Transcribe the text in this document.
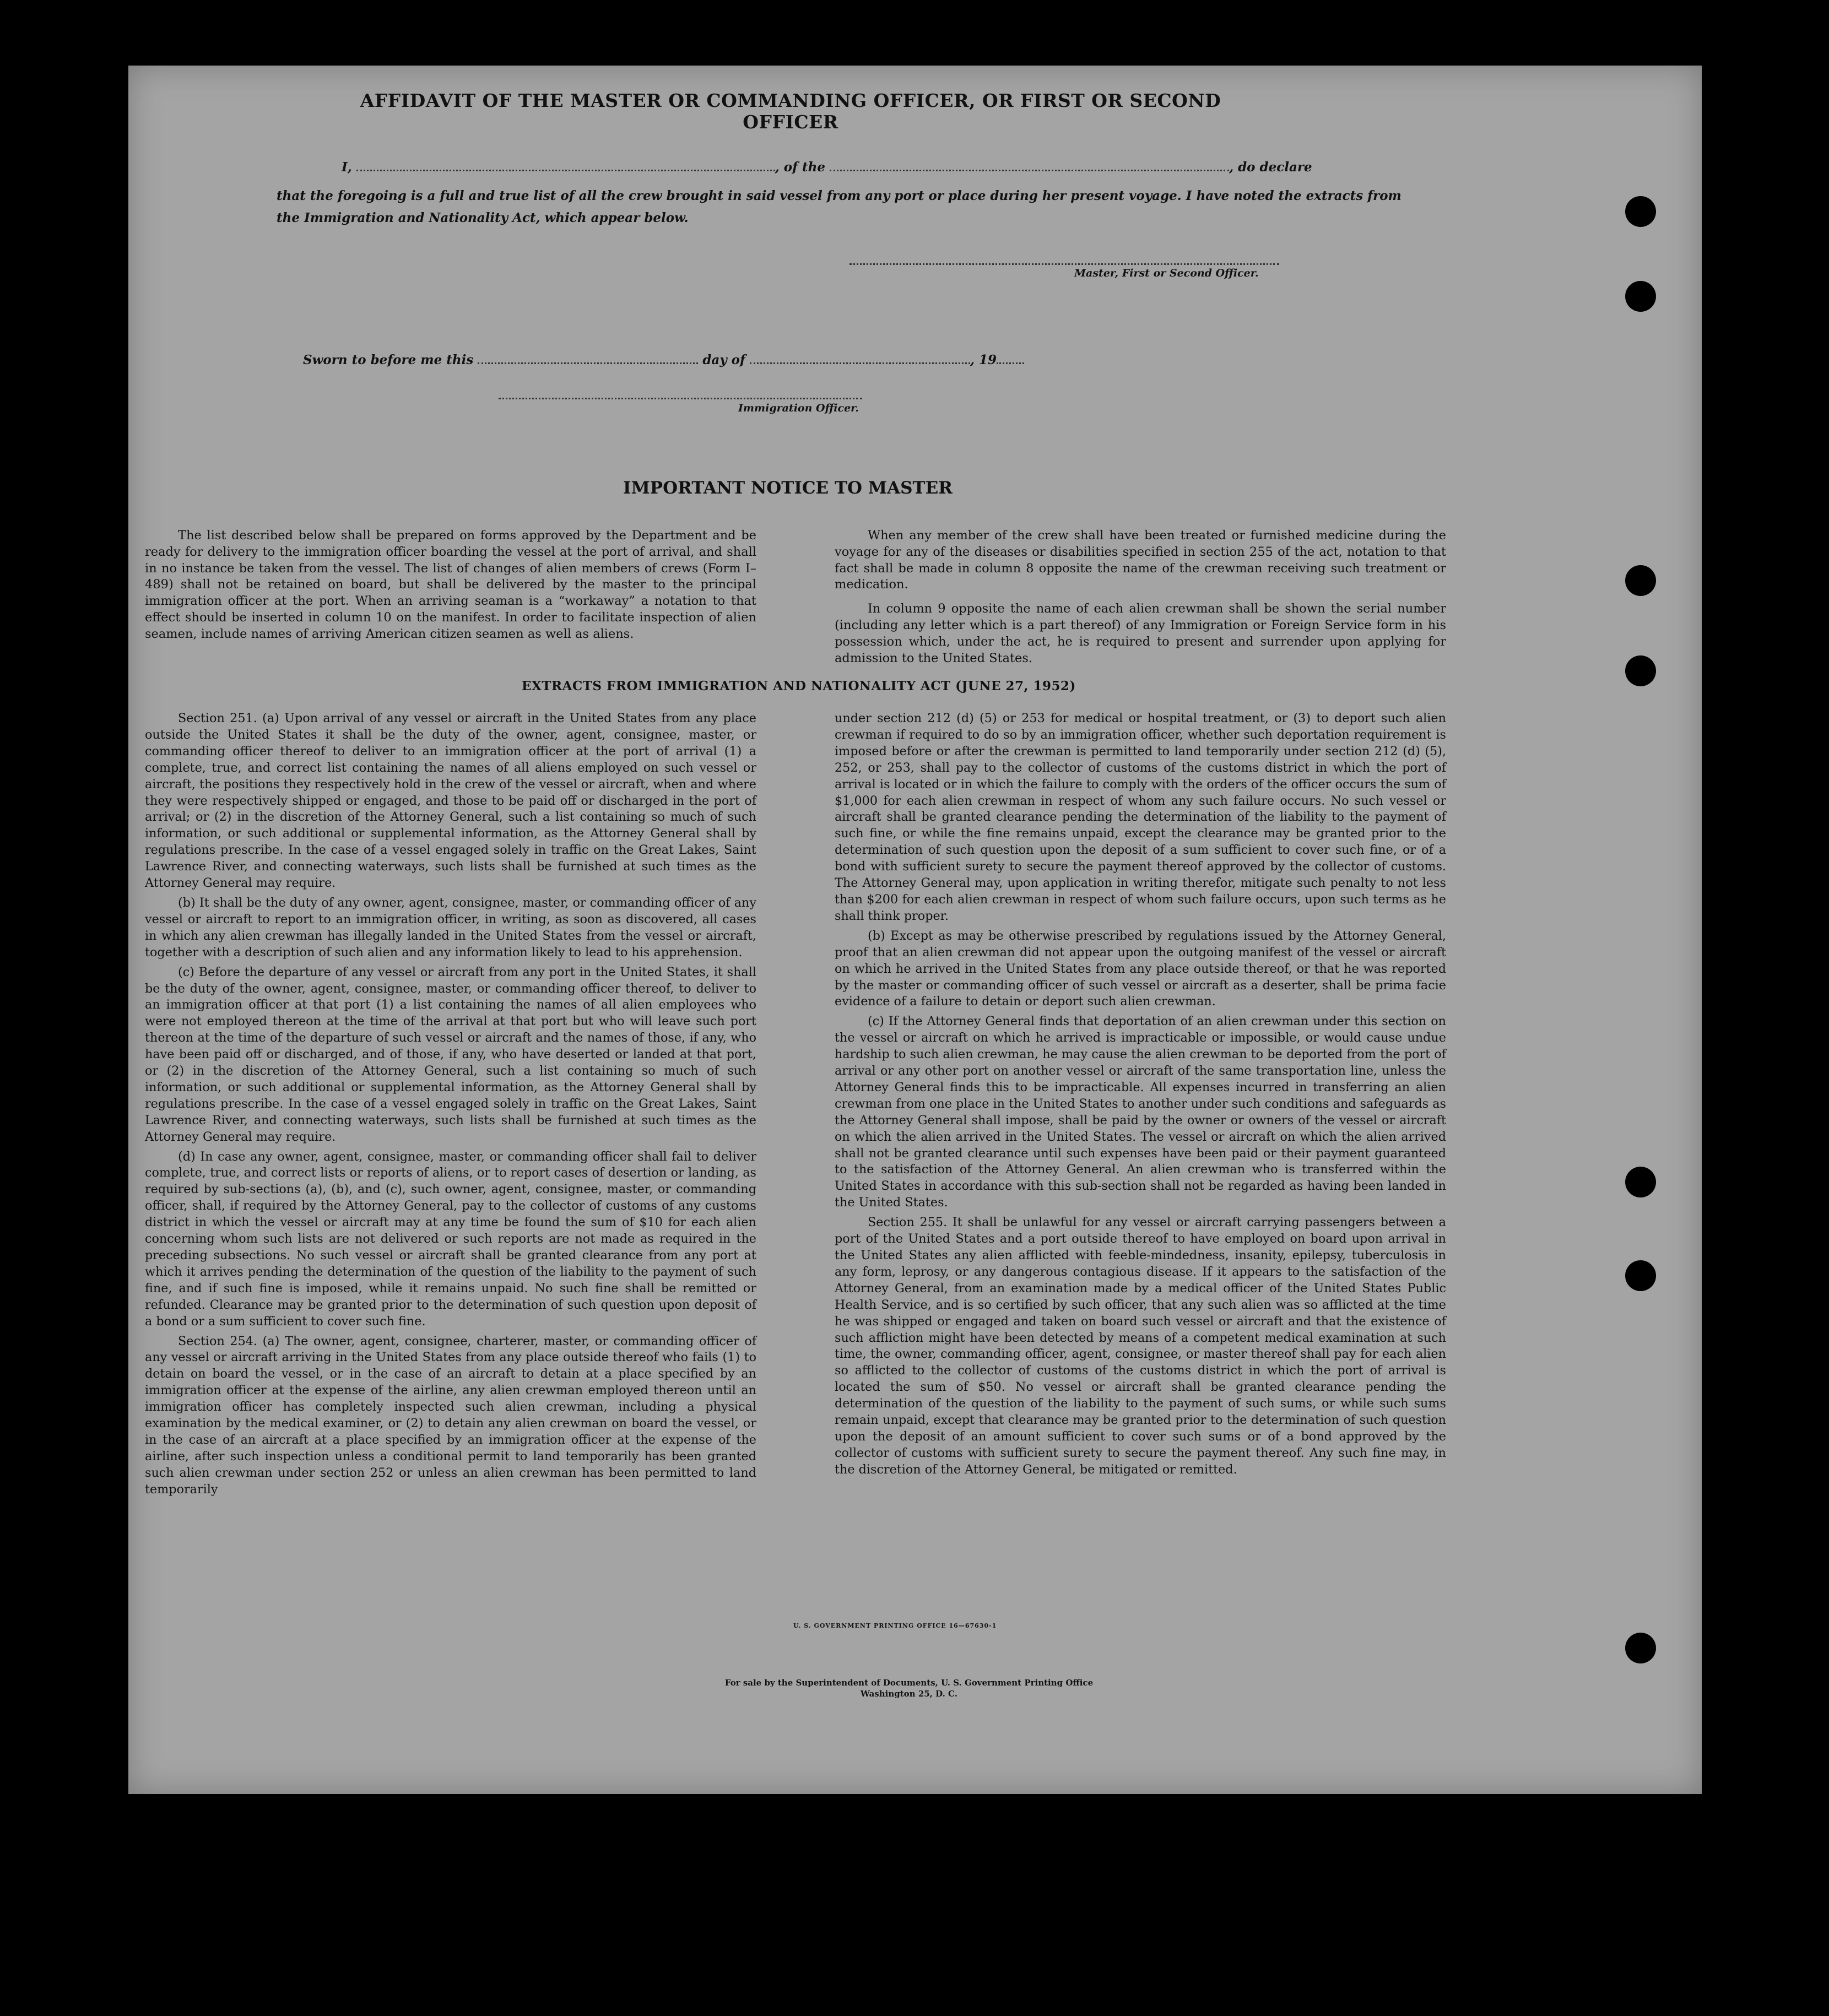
AFFIDAVIT OF THE MASTER OR COMMANDING OFFICER, OR FIRST OR SECOND OFFICER
I,	, of the	, do declare
that the foregoing is a full and true list of all the crew brought in said vessel from any port or place during her present voyage. I have noted the extracts from the Immigration and Nationality Act, which appear below.
Master, First or Second Officer.
Sworn to before me this	day of	, 19
Immigration Officer.
IMPORTANT NOTICE TO MASTER

The list described below shall be prepared on forms approved by the Department and be ready for delivery to the immigration officer boarding the vessel at the port of arrival, and shall in no instance be taken from the vessel. The list of changes of alien members of crews (Form I–489) shall not be retained on board, but shall be delivered by the master to the principal immigration officer at the port. When an arriving seaman is a “workaway” a notation to that effect should be inserted in column 10 on the manifest. In order to facilitate inspection of alien seamen, include names of arriving American citizen seamen as well as aliens.

When any member of the crew shall have been treated or furnished medicine during the voyage for any of the diseases or disabilities specified in section 255 of the act, notation to that fact shall be made in column 8 opposite the name of the crewman receiving such treatment or medication.

In column 9 opposite the name of each alien crewman shall be shown the serial number (including any letter which is a part thereof) of any Immigration or Foreign Service form in his possession which, under the act, he is required to present and surrender upon applying for admission to the United States.

EXTRACTS FROM IMMIGRATION AND NATIONALITY ACT (JUNE 27, 1952)

Section 251. (a) Upon arrival of any vessel or aircraft in the United States from any place outside the United States it shall be the duty of the owner, agent, consignee, master, or commanding officer thereof to deliver to an immigration officer at the port of arrival (1) a complete, true, and correct list containing the names of all aliens employed on such vessel or aircraft, the positions they respectively hold in the crew of the vessel or aircraft, when and where they were respectively shipped or engaged, and those to be paid off or discharged in the port of arrival; or (2) in the discretion of the Attorney General, such a list containing so much of such information, or such additional or supplemental information, as the Attorney General shall by regulations prescribe. In the case of a vessel engaged solely in traffic on the Great Lakes, Saint Lawrence River, and connecting waterways, such lists shall be furnished at such times as the Attorney General may require.

(b) It shall be the duty of any owner, agent, consignee, master, or commanding officer of any vessel or aircraft to report to an immigration officer, in writing, as soon as discovered, all cases in which any alien crewman has illegally landed in the United States from the vessel or aircraft, together with a description of such alien and any information likely to lead to his apprehension.

(c) Before the departure of any vessel or aircraft from any port in the United States, it shall be the duty of the owner, agent, consignee, master, or commanding officer thereof, to deliver to an immigration officer at that port (1) a list containing the names of all alien employees who were not employed thereon at the time of the arrival at that port but who will leave such port thereon at the time of the departure of such vessel or aircraft and the names of those, if any, who have been paid off or discharged, and of those, if any, who have deserted or landed at that port, or (2) in the discretion of the Attorney General, such a list containing so much of such information, or such additional or supplemental information, as the Attorney General shall by regulations prescribe. In the case of a vessel engaged solely in traffic on the Great Lakes, Saint Lawrence River, and connecting waterways, such lists shall be furnished at such times as the Attorney General may require.

(d) In case any owner, agent, consignee, master, or commanding officer shall fail to deliver complete, true, and correct lists or reports of aliens, or to report cases of desertion or landing, as required by sub-sections (a), (b), and (c), such owner, agent, consignee, master, or commanding officer, shall, if required by the Attorney General, pay to the collector of customs of any customs district in which the vessel or aircraft may at any time be found the sum of $10 for each alien concerning whom such lists are not delivered or such reports are not made as required in the preceding subsections. No such vessel or aircraft shall be granted clearance from any port at which it arrives pending the determination of the question of the liability to the payment of such fine, and if such fine is imposed, while it remains unpaid. No such fine shall be remitted or refunded. Clearance may be granted prior to the determination of such question upon deposit of a bond or a sum sufficient to cover such fine.

Section 254. (a) The owner, agent, consignee, charterer, master, or commanding officer of any vessel or aircraft arriving in the United States from any place outside thereof who fails (1) to detain on board the vessel, or in the case of an aircraft to detain at a place specified by an immigration officer at the expense of the airline, any alien crewman employed thereon until an immigration officer has completely inspected such alien crewman, including a physical examination by the medical examiner, or (2) to detain any alien crewman on board the vessel, or in the case of an aircraft at a place specified by an immigration officer at the expense of the airline, after such inspection unless a conditional permit to land temporarily has been granted such alien crewman under section 252 or unless an alien crewman has been permitted to land temporarily

under section 212 (d) (5) or 253 for medical or hospital treatment, or (3) to deport such alien crewman if required to do so by an immigration officer, whether such deportation requirement is imposed before or after the crewman is permitted to land temporarily under section 212 (d) (5), 252, or 253, shall pay to the collector of customs of the customs district in which the port of arrival is located or in which the failure to comply with the orders of the officer occurs the sum of $1,000 for each alien crewman in respect of whom any such failure occurs. No such vessel or aircraft shall be granted clearance pending the determination of the liability to the payment of such fine, or while the fine remains unpaid, except the clearance may be granted prior to the determination of such question upon the deposit of a sum sufficient to cover such fine, or of a bond with sufficient surety to secure the payment thereof approved by the collector of customs. The Attorney General may, upon application in writing therefor, mitigate such penalty to not less than $200 for each alien crewman in respect of whom such failure occurs, upon such terms as he shall think proper.

(b) Except as may be otherwise prescribed by regulations issued by the Attorney General, proof that an alien crewman did not appear upon the outgoing manifest of the vessel or aircraft on which he arrived in the United States from any place outside thereof, or that he was reported by the master or commanding officer of such vessel or aircraft as a deserter, shall be prima facie evidence of a failure to detain or deport such alien crewman.

(c) If the Attorney General finds that deportation of an alien crewman under this section on the vessel or aircraft on which he arrived is impracticable or impossible, or would cause undue hardship to such alien crewman, he may cause the alien crewman to be deported from the port of arrival or any other port on another vessel or aircraft of the same transportation line, unless the Attorney General finds this to be impracticable. All expenses incurred in transferring an alien crewman from one place in the United States to another under such conditions and safeguards as the Attorney General shall impose, shall be paid by the owner or owners of the vessel or aircraft on which the alien arrived in the United States. The vessel or aircraft on which the alien arrived shall not be granted clearance until such expenses have been paid or their payment guaranteed to the satisfaction of the Attorney General. An alien crewman who is transferred within the United States in accordance with this sub-section shall not be regarded as having been landed in the United States.

Section 255. It shall be unlawful for any vessel or aircraft carrying passengers between a port of the United States and a port outside thereof to have employed on board upon arrival in the United States any alien afflicted with feeble-mindedness, insanity, epilepsy, tuberculosis in any form, leprosy, or any dangerous contagious disease. If it appears to the satisfaction of the Attorney General, from an examination made by a medical officer of the United States Public Health Service, and is so certified by such officer, that any such alien was so afflicted at the time he was shipped or engaged and taken on board such vessel or aircraft and that the existence of such affliction might have been detected by means of a competent medical examination at such time, the owner, commanding officer, agent, consignee, or master thereof shall pay for each alien so afflicted to the collector of customs of the customs district in which the port of arrival is located the sum of $50. No vessel or aircraft shall be granted clearance pending the determination of the question of the liability to the payment of such sums, or while such sums remain unpaid, except that clearance may be granted prior to the determination of such question upon the deposit of an amount sufficient to cover such sums or of a bond approved by the collector of customs with sufficient surety to secure the payment thereof. Any such fine may, in the discretion of the Attorney General, be mitigated or remitted.

U. S. GOVERNMENT PRINTING OFFICE 16—67630-1
For sale by the Superintendent of Documents, U. S. Government Printing Office
Washington 25, D. C.
